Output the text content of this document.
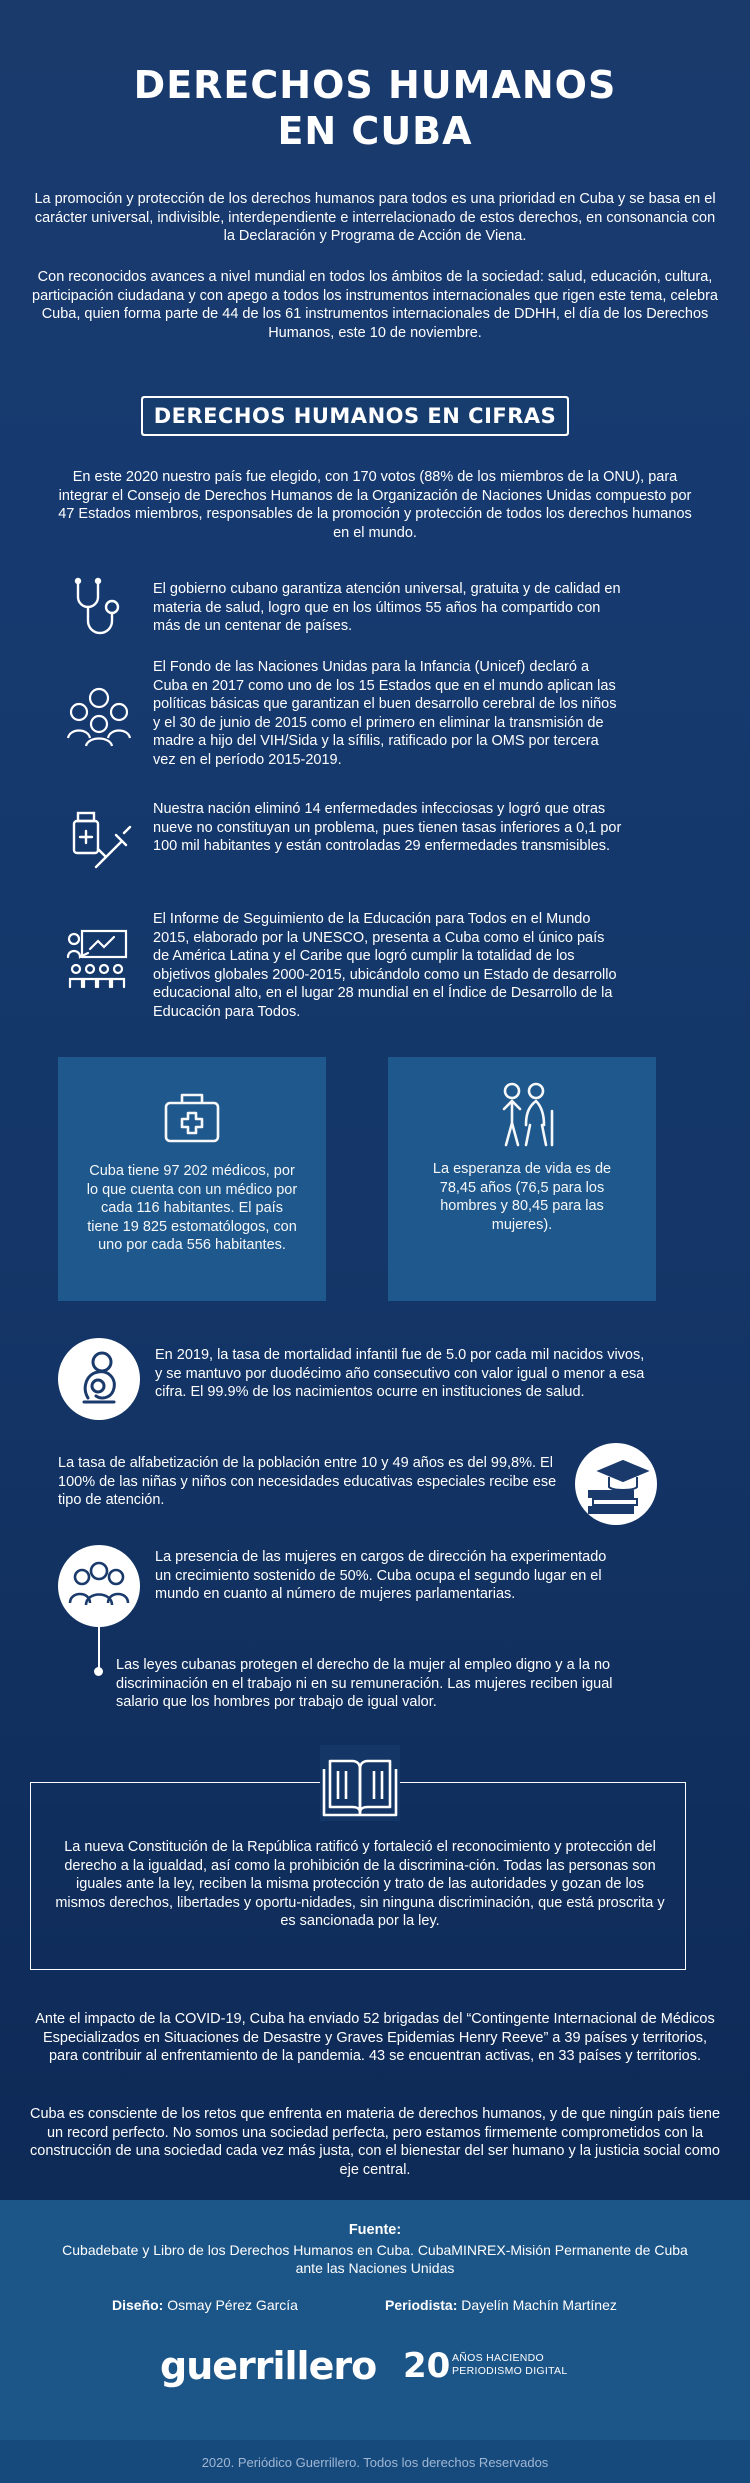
DERECHOS HUMANOS
EN CUBA

La promoción y protección de los derechos humanos para todos es una prioridad en Cuba y se basa en el carácter universal, indivisible, interdependiente e interrelacionado de estos derechos, en consonancia con la Declaración y Programa de Acción de Viena.

Con reconocidos avances a nivel mundial en todos los ámbitos de la sociedad: salud, educación, cultura, participación ciudadana y con apego a todos los instrumentos internacionales que rigen este tema, celebra Cuba, quien forma parte de 44 de los 61 instrumentos internacionales de DDHH, el día de los Derechos Humanos, este 10 de noviembre.

DERECHOS HUMANOS EN CIFRAS

En este 2020 nuestro país fue elegido, con 170 votos (88% de los miembros de la ONU), para integrar el Consejo de Derechos Humanos de la Organización de Naciones Unidas compuesto por 47 Estados miembros, responsables de la promoción y protección de todos los derechos humanos en el mundo.

El gobierno cubano garantiza atención universal, gratuita y de calidad en materia de salud, logro que en los últimos 55 años ha compartido con más de un centenar de países.

El Fondo de las Naciones Unidas para la Infancia (Unicef) declaró a Cuba en 2017 como uno de los 15 Estados que en el mundo aplican las políticas básicas que garantizan el buen desarrollo cerebral de los niños y el 30 de junio de 2015 como el primero en eliminar la transmisión de madre a hijo del VIH/Sida y la sífilis, ratificado por la OMS por tercera vez en el período 2015-2019.

Nuestra nación eliminó 14 enfermedades infecciosas y logró que otras nueve no constituyan un problema, pues tienen tasas inferiores a 0,1 por 100 mil habitantes y están controladas 29 enfermedades transmisibles.

El Informe de Seguimiento de la Educación para Todos en el Mundo 2015, elaborado por la UNESCO, presenta a Cuba como el único país de América Latina y el Caribe que logró cumplir la totalidad de los objetivos globales 2000-2015, ubicándolo como un Estado de desarrollo educacional alto, en el lugar 28 mundial en el Índice de Desarrollo de la Educación para Todos.

Cuba tiene 97 202 médicos, por lo que cuenta con un médico por cada 116 habitantes. El país tiene 19 825 estomatólogos, con uno por cada 556 habitantes.

La esperanza de vida es de 78,45 años (76,5 para los hombres y 80,45 para las mujeres).

En 2019, la tasa de mortalidad infantil fue de 5.0 por cada mil nacidos vivos, y se mantuvo por duodécimo año consecutivo con valor igual o menor a esa cifra. El 99.9% de los nacimientos ocurre en instituciones de salud.

La tasa de alfabetización de la población entre 10 y 49 años es del 99,8%. El 100% de las niñas y niños con necesidades educativas especiales recibe ese tipo de atención.

La presencia de las mujeres en cargos de dirección ha experimentado un crecimiento sostenido de 50%. Cuba ocupa el segundo lugar en el mundo en cuanto al número de mujeres parlamentarias.

Las leyes cubanas protegen el derecho de la mujer al empleo digno y a la no discriminación en el trabajo ni en su remuneración. Las mujeres reciben igual salario que los hombres por trabajo de igual valor.

La nueva Constitución de la República ratificó y fortaleció el reconocimiento y protección del derecho a la igualdad, así como la prohibición de la discrimina-ción. Todas las personas son iguales ante la ley, reciben la misma protección y trato de las autoridades y gozan de los mismos derechos, libertades y oportu-nidades, sin ninguna discriminación, que está proscrita y es sancionada por la ley.

Ante el impacto de la COVID-19, Cuba ha enviado 52 brigadas del “Contingente Internacional de Médicos Especializados en Situaciones de Desastre y Graves Epidemias Henry Reeve” a 39 países y territorios, para contribuir al enfrentamiento de la pandemia. 43 se encuentran activas, en 33 países y territorios.

Cuba es consciente de los retos que enfrenta en materia de derechos humanos, y de que ningún país tiene un record perfecto. No somos una sociedad perfecta, pero estamos firmemente comprometidos con la construcción de una sociedad cada vez más justa, con el bienestar del ser humano y la justicia social como eje central.

Fuente:
Cubadebate y Libro de los Derechos Humanos en Cuba. CubaMINREX-Misión Permanente de Cuba ante las Naciones Unidas
Diseño: Osmay Pérez García	Periodista: Dayelín Machín Martínez
guerrillero 20 AÑOS HACIENDO
PERIODISMO DIGITAL
2020. Periódico Guerrillero. Todos los derechos Reservados
